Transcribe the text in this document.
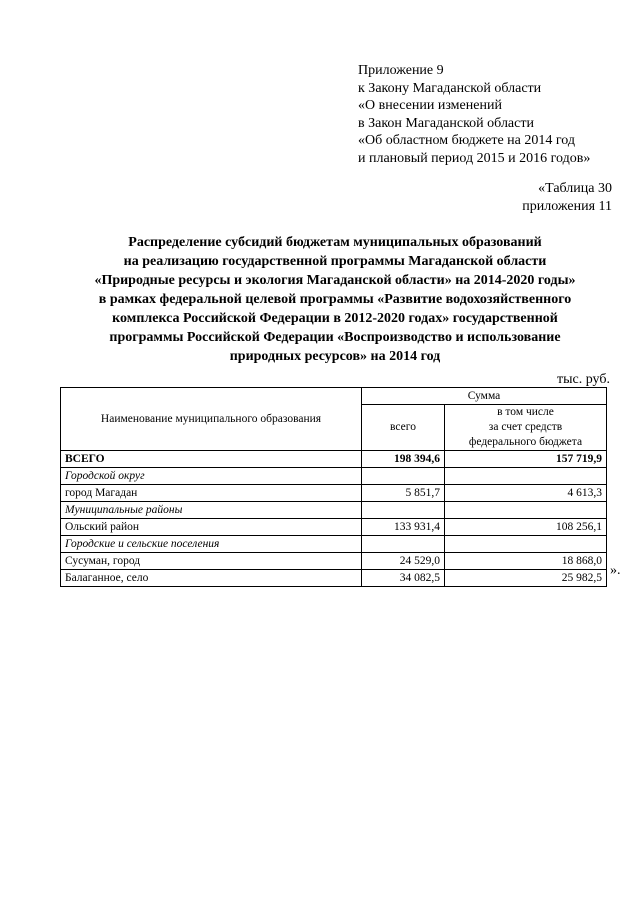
Приложение 9
к Закону Магаданской области
«О внесении изменений
в Закон Магаданской области
«Об областном бюджете на 2014 год
и плановый период 2015 и 2016 годов»
«Таблица 30
приложения 11
Распределение субсидий бюджетам муниципальных образований
на реализацию государственной программы Магаданской области
«Природные ресурсы и экология Магаданской области» на 2014-2020 годы»
в рамках федеральной целевой программы «Развитие водохозяйственного
комплекса Российской Федерации в 2012-2020 годах» государственной
программы Российской Федерации «Воспроизводство и использование
природных ресурсов» на 2014 год
тыс. руб.
Наименование муниципального образования	Сумма	
	всего	в том числе
за счет средств
федерального бюджета

ВСЕГО	198 394,6	157 719,9
Городской округ		
город Магадан	5 851,7	4 613,3
Муниципальные районы		
Ольский район	133 931,4	108 256,1
Городские и сельские поселения		
Сусуман, город	24 529,0	18 868,0
Балаганное, село	34 082,5	25 982,5 ».
